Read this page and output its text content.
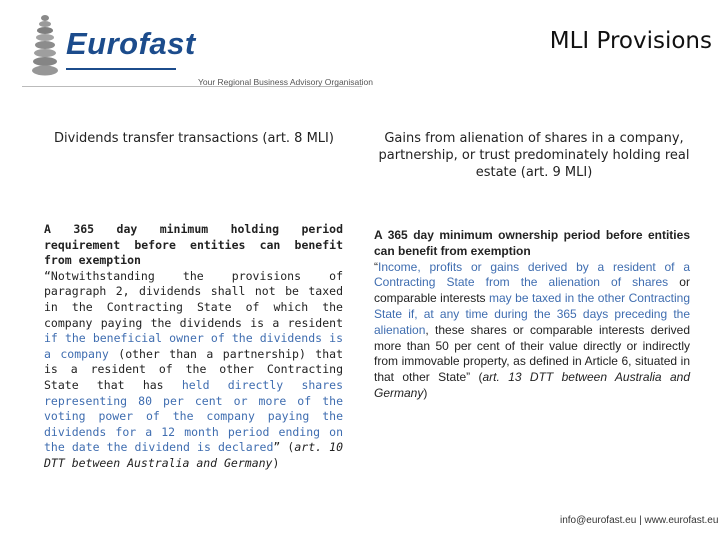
Eurofast
Your Regional Business Advisory Organisation
MLI Provisions
Dividends transfer transactions (art. 8 MLI)	Gains from alienation of shares in a company, partnership, or trust predominately holding real estate (art. 9 MLI)

A 365 day minimum holding period requirement before entities can benefit from exemption

“Notwithstanding the provisions of paragraph 2, dividends shall not be taxed in the Contracting State of which the company paying the dividends is a resident if the beneficial owner of the dividends is a company (other than a partnership) that is a resident of the other Contracting State that has held directly shares representing 80 per cent or more of the voting power of the company paying the dividends for a 12 month period ending on the date the dividend is declared” (art. 10 DTT between Australia and Germany)

A 365 day minimum ownership period before entities can benefit from exemption

“Income, profits or gains derived by a resident of a Contracting State from the alienation of shares or comparable interests may be taxed in the other Contracting State if, at any time during the 365 days preceding the alienation, these shares or comparable interests derived more than 50 per cent of their value directly or indirectly from immovable property, as defined in Article 6, situated in that other State” (art. 13 DTT between Australia and Germany)

info@eurofast.eu | www.eurofast.eu
